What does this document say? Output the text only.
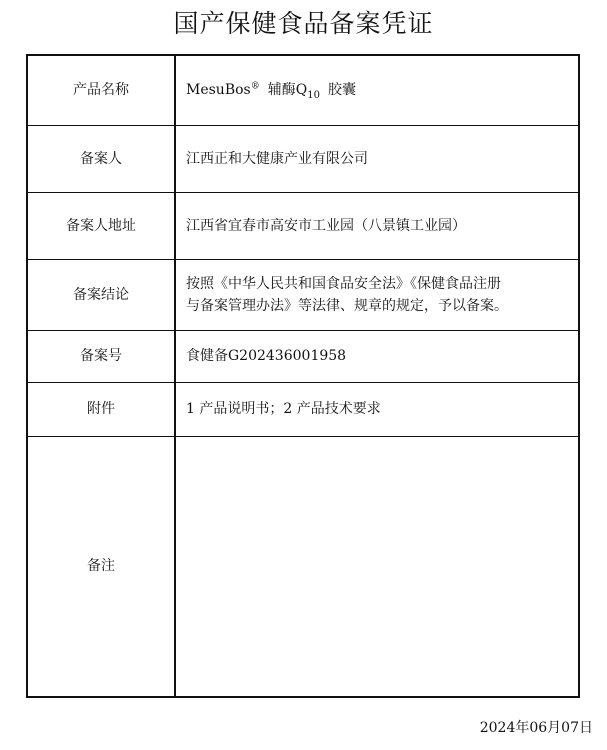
国产保健食品备案凭证
产品名称	MesuBos® 辅酶$Q_{10}$ 胶囊
备案人	江西正和大健康产业有限公司
备案人地址	江西省宜春市高安市工业园（八景镇工业园）
备案结论	按照《中华人民共和国食品安全法》《保健食品注册
与备案管理办法》等法律、规章的规定，予以备案。

备案号	食健备G202436001958
附件	1 产品说明书；2 产品技术要求
备注	
2024年06月07日
